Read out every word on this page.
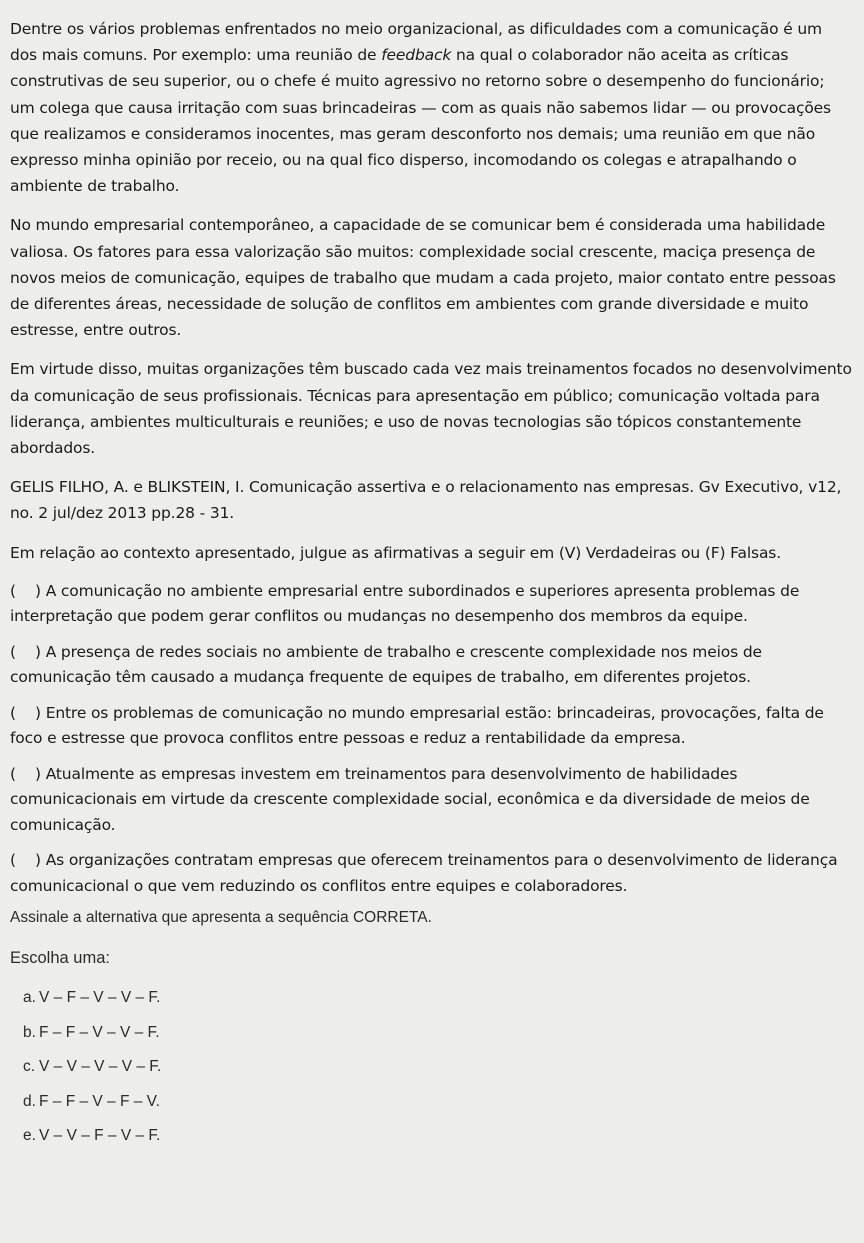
Dentre os vários problemas enfrentados no meio organizacional, as dificuldades com a comunicação é um dos mais comuns. Por exemplo: uma reunião de feedback na qual o colaborador não aceita as críticas construtivas de seu superior, ou o chefe é muito agressivo no retorno sobre o desempenho do funcionário; um colega que causa irritação com suas brincadeiras — com as quais não sabemos lidar — ou provocações que realizamos e consideramos inocentes, mas geram desconforto nos demais; uma reunião em que não expresso minha opinião por receio, ou na qual fico disperso, incomodando os colegas e atrapalhando o ambiente de trabalho.

No mundo empresarial contemporâneo, a capacidade de se comunicar bem é considerada uma habilidade valiosa. Os fatores para essa valorização são muitos: complexidade social crescente, maciça presença de novos meios de comunicação, equipes de trabalho que mudam a cada projeto, maior contato entre pessoas de diferentes áreas, necessidade de solução de conflitos em ambientes com grande diversidade e muito estresse, entre outros.

Em virtude disso, muitas organizações têm buscado cada vez mais treinamentos focados no desenvolvimento da comunicação de seus profissionais. Técnicas para apresentação em público; comunicação voltada para liderança, ambientes multiculturais e reuniões; e uso de novas tecnologias são tópicos constantemente abordados.

GELIS FILHO, A. e BLIKSTEIN, I. Comunicação assertiva e o relacionamento nas empresas. Gv Executivo, v12, no. 2 jul/dez 2013 pp.28 - 31.

Em relação ao contexto apresentado, julgue as afirmativas a seguir em (V) Verdadeiras ou (F) Falsas.

(    ) A comunicação no ambiente empresarial entre subordinados e superiores apresenta problemas de interpretação que podem gerar conflitos ou mudanças no desempenho dos membros da equipe.

(    ) A presença de redes sociais no ambiente de trabalho e crescente complexidade nos meios de comunicação têm causado a mudança frequente de equipes de trabalho, em diferentes projetos.

(    ) Entre os problemas de comunicação no mundo empresarial estão: brincadeiras, provocações, falta de foco e estresse que provoca conflitos entre pessoas e reduz a rentabilidade da empresa.

(    ) Atualmente as empresas investem em treinamentos para desenvolvimento de habilidades comunicacionais em virtude da crescente complexidade social, econômica e da diversidade de meios de comunicação.

(    ) As organizações contratam empresas que oferecem treinamentos para o desenvolvimento de liderança comunicacional o que vem reduzindo os conflitos entre equipes e colaboradores.

Assinale a alternativa que apresenta a sequência CORRETA.
Escolha uma:
a. V – F – V – V – F.
b. F – F – V – V – F.
c. V – V – V – V – F.
d. F – F – V – F – V.
e. V – V – F – V – F.
